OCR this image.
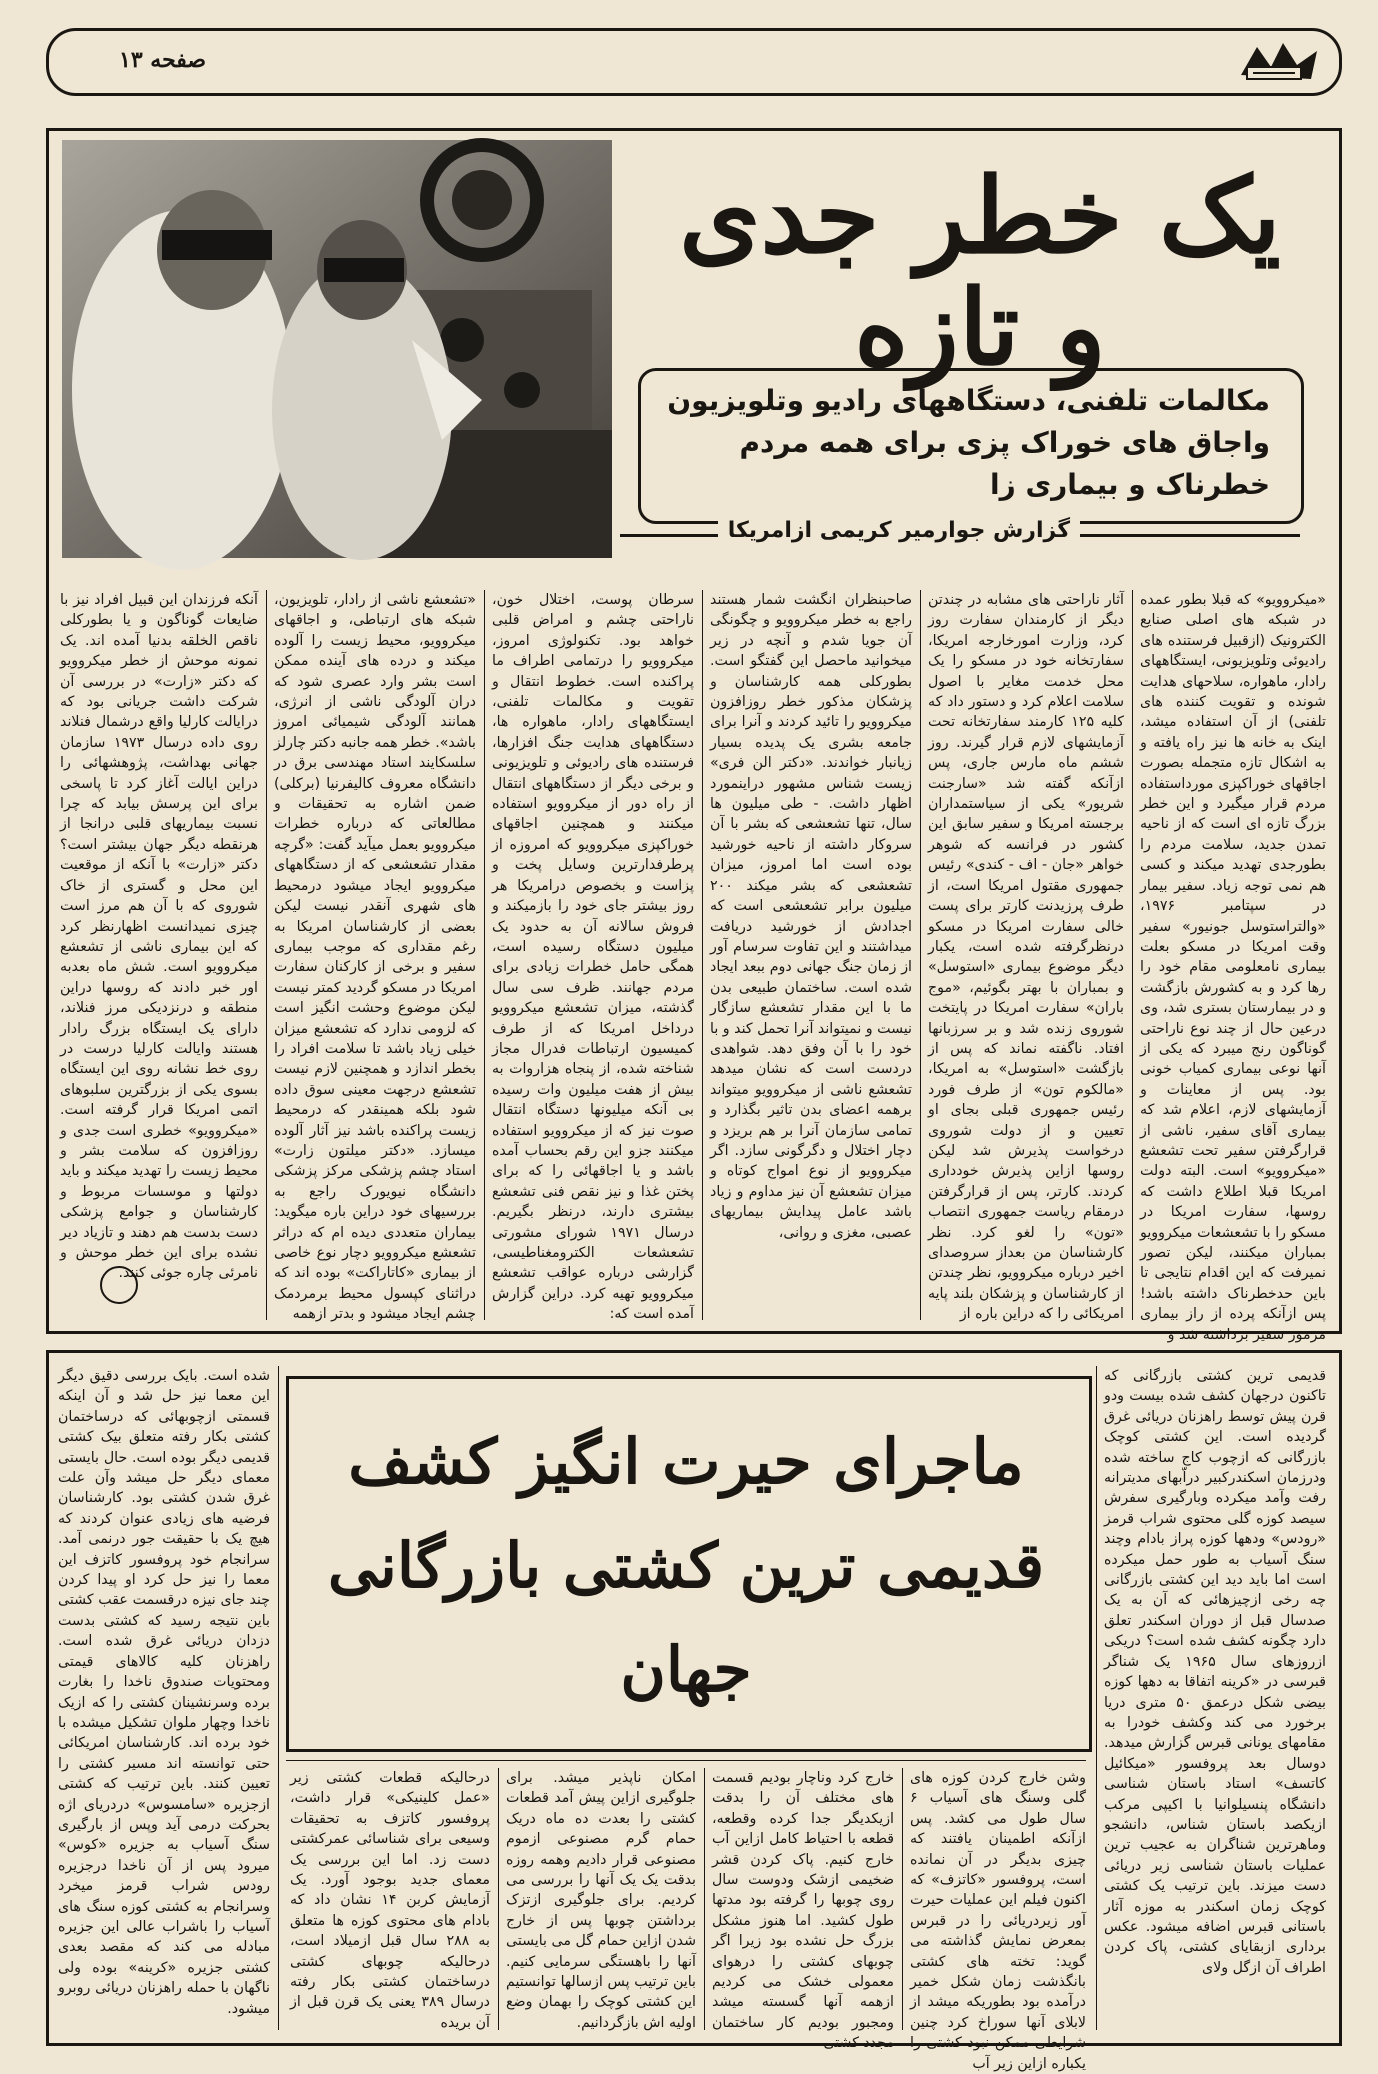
صفحه ۱۳
یک خطر جدی و تازه
مکالمات تلفنی، دستگاههای رادیو وتلویزیون واجاق های خوراک پزی برای همه مردم خطرناک و بیماری زا
گزارش جوارمیر کریمی ازامریکا
«میکروویو» که قبلا بطور عمده در شبکه های اصلی صنایع الکترونیک (ازقبیل فرستنده های رادیوئی وتلویزیونی، ایستگاههای رادار، ماهواره، سلاحهای هدایت شونده و تقویت کننده های تلفنی) از آن استفاده میشد، اینک به خانه ها نیز راه یافته و به اشکال تازه متجمله بصورت اجاقهای خوراکپزی مورداستفاده مردم قرار میگیرد و این خطر بزرگ تازه ای است که از ناحیه تمدن جدید، سلامت مردم را بطورجدی تهدید میکند و کسی هم نمی توجه زیاد. سفیر بیمار در سپتامبر ۱۹۷۶، «والتراستوسل جونیور» سفیر وقت امریکا در مسکو بعلت بیماری نامعلومی مقام خود را رها کرد و به کشورش بازگشت و در بیمارستان بستری شد، وی درعین حال از چند نوع ناراحتی گوناگون رنج میبرد که یکی از آنها نوعی بیماری کمیاب خونی بود. پس از معاینات و آزمایشهای لازم، اعلام شد که بیماری آقای سفیر، ناشی از قرارگرفتن سفیر تحت تشعشع «میکروویو» است. البته دولت امریکا قبلا اطلاع داشت که روسها، سفارت امریکا در مسکو را با تشعشعات میکروویو بمباران میکنند، لیکن تصور نمیرفت که این اقدام نتایجی تا باین حدخطرناک داشته باشد! پس ازآنکه پرده از راز بیماری مرموز سفیر برداشته شد و
آثار ناراحتی های مشابه در چندتن دیگر از کارمندان سفارت روز کرد، وزارت امورخارجه امریکا، سفارتخانه خود در مسکو را یک محل خدمت مغایر با اصول سلامت اعلام کرد و دستور داد که کلیه ۱۲۵ کارمند سفارتخانه تحت آزمایشهای لازم قرار گیرند. روز ششم ماه مارس جاری، پس ازآنکه گفته شد «سارجنت شریور» یکی از سیاستمداران برجسته امریکا و سفیر سابق این کشور در فرانسه که شوهر خواهر «جان - اف - کندی» رئیس جمهوری مقتول امریکا است، از طرف پرزیدنت کارتر برای پست خالی سفارت امریکا در مسکو درنظرگرفته شده است، یکبار دیگر موضوع بیماری «استوسل» و بمباران با بهتر بگوئیم، «موج باران» سفارت امریکا در پایتخت شوروی زنده شد و بر سرزبانها افتاد. ناگفته نماند که پس از بازگشت «استوسل» به امریکا، «مالکوم تون» از طرف فورد رئیس جمهوری قبلی بجای او تعیین و از دولت شوروی درخواست پذیرش شد لیکن روسها ازاین پذیرش خودداری کردند. کارتر، پس از قرارگرفتن درمقام ریاست جمهوری انتصاب «تون» را لغو کرد. نظر کارشناسان من بعداز سروصدای اخیر درباره میکروویو، نظر چندتن از کارشناسان و پزشکان بلند پایه امریکائی را که دراین باره از
صاحبنظران انگشت شمار هستند راجع به خطر میکروویو و چگونگی آن جویا شدم و آنچه در زیر میخوانید ماحصل این گفتگو است. بطورکلی همه کارشناسان و پزشکان مذکور خطر روزافزون میکروویو را تائید کردند و آنرا برای جامعه بشری یک پدیده بسیار زیانبار خواندند. «دکتر الن فری» زیست شناس مشهور دراینمورد اظهار داشت. - طی میلیون ها سال، تنها تشعشعی که بشر با آن سروکار داشته از ناحیه خورشید بوده است اما امروز، میزان تشعشعی که بشر میکند ۲۰۰ میلیون برابر تشعشعی است که اجدادش از خورشید دریافت میداشتند و این تفاوت سرسام آور از زمان جنگ جهانی دوم ببعد ایجاد شده است. ساختمان طبیعی بدن ما با این مقدار تشعشع سازگار نیست و نمیتواند آنرا تحمل کند و با خود را با آن وفق دهد. شواهدی دردست است که نشان میدهد تشعشع ناشی از میکروویو میتواند برهمه اعضای بدن تاثیر بگذارد و تمامی سازمان آنرا بر هم بریزد و دچار اختلال و دگرگونی سازد. اگر میکروویو از نوع امواج کوتاه و میزان تشعشع آن نیز مداوم و زیاد باشد عامل پیدایش بیماریهای عصبی، مغزی و روانی،
سرطان پوست، اختلال خون، ناراحتی چشم و امراض قلبی خواهد بود. تکنولوژی امروز، میکروویو را درتمامی اطراف ما پراکنده است. خطوط انتقال و تقویت و مکالمات تلفنی، ایستگاههای رادار، ماهواره ها، دستگاههای هدایت جنگ افزارها، فرستنده های رادیوئی و تلویزیونی و برخی دیگر از دستگاههای انتقال از راه دور از میکروویو استفاده میکنند و همچنین اجاقهای خوراکپزی میکروویو که امروزه از پرطرفدارترین وسایل پخت و پزاست و بخصوص درامریکا هر روز بیشتر جای خود را بازمیکند و فروش سالانه آن به حدود یک میلیون دستگاه رسیده است، همگی حامل خطرات زیادی برای مردم جهانند. ظرف سی سال گذشته، میزان تشعشع میکروویو درداخل امریکا که از طرف کمیسیون ارتباطات فدرال مجاز شناخته شده، از پنجاه هزاروات به بیش از هفت میلیون وات رسیده بی آنکه میلیونها دستگاه انتقال صوت نیز که از میکروویو استفاده میکنند جزو این رقم بحساب آمده باشد و یا اجاقهائی را که برای پختن غذا و نیز نقص فنی تشعشع بیشتری دارند، درنظر بگیریم. درسال ۱۹۷۱ شورای مشورتی تشعشعات الکترومغناطیسی، گزارشی درباره عواقب تشعشع میکروویو تهیه کرد. دراین گزارش آمده است که:
«تشعشع ناشی از رادار، تلویزیون، شبکه های ارتباطی، و اجاقهای میکروویو، محیط زیست را آلوده میکند و درده های آینده ممکن است بشر وارد عصری شود که دران آلودگی ناشی از انرژی، همانند آلودگی شیمیائی امروز باشد». خطر همه جانبه دکتر چارلز سلسکایند استاد مهندسی برق در دانشگاه معروف کالیفرنیا (برکلی) ضمن اشاره به تحقیقات و مطالعاتی که درباره خطرات میکروویو بعمل میآید گفت: «گرچه مقدار تشعشعی که از دستگاههای میکروویو ایجاد میشود درمحیط های شهری آنقدر نیست لیکن بعضی از کارشناسان امریکا به رغم مقداری که موجب بیماری سفیر و برخی از کارکنان سفارت امریکا در مسکو گردید کمتر نیست لیکن موضوع وحشت انگیز است که لزومی ندارد که تشعشع میزان خیلی زیاد باشد تا سلامت افراد را بخطر اندازد و همچنین لازم نیست تشعشع درجهت معینی سوق داده شود بلکه همینقدر که درمحیط زیست پراکنده باشد نیز آثار آلوده میسازد. «دکتر میلتون زارت» استاد چشم پزشکی مرکز پزشکی دانشگاه نیویورک راجع به بررسیهای خود دراین باره میگوید: بیماران متعددی دیده ام که دراثر تشعشع میکروویو دچار نوع خاصی از بیماری «کاتاراکت» بوده اند که دراثنای کپسول محیط برمردمک چشم ایجاد میشود و بدتر ازهمه
آنکه فرزندان این قبیل افراد نیز با ضایعات گوناگون و یا بطورکلی ناقص الخلقه بدنیا آمده اند. یک نمونه موحش از خطر میکروویو که دکتر «زارت» در بررسی آن شرکت داشت جریانی بود که درایالت کارلیا واقع درشمال فنلاند روی داده درسال ۱۹۷۳ سازمان جهانی بهداشت، پژوهشهائی را دراین ایالت آغاز کرد تا پاسخی برای این پرسش بیابد که چرا نسبت بیماریهای قلبی درانجا از هرنقطه دیگر جهان بیشتر است؟ دکتر «زارت» با آنکه از موقعیت این محل و گستری از خاک شوروی که با آن هم مرز است چیزی نمیدانست اظهارنظر کرد که این بیماری ناشی از تشعشع میکروویو است. شش ماه بعدبه اور خبر دادند که روسها دراین منطقه و درنزدیکی مرز فنلاند، دارای یک ایستگاه بزرگ رادار هستند وایالت کارلیا درست در روی خط نشانه روی این ایستگاه بسوی یکی از بزرگترین سلبوهای اتمی امریکا قرار گرفته است. «میکروویو» خطری است جدی و روزافزون که سلامت بشر و محیط زیست را تهدید میکند و باید دولتها و موسسات مربوط و کارشناسان و جوامع پزشکی دست بدست هم دهند و تازیاد دیر نشده برای این خطر موحش و نامرئی چاره جوئی کنند.
ماجرای حیرت انگیز کشف قدیمی ترین کشتی بازرگانی جهان
قدیمی ترین کشتی بازرگانی که تاکنون درجهان کشف شده بیست ودو قرن پیش توسط راهزنان دریائی غرق گردیده است. این کشتی کوچک بازرگانی که ازچوب کاج ساخته شده ودرزمان اسکندرکبیر دراّبهای مدیترانه رفت وآمد میکرده وبارگیری سفرش سیصد کوزه گلی محتوی شراب قرمز «رودس» ودهها کوزه پراز بادام وچند سنگ آسیاب به طور حمل میکرده است اما باید دید این کشتی بازرگانی چه رخی ازچیزهائی که آن به یک صدسال قبل از دوران اسکندر تعلق دارد چگونه کشف شده است؟ دریکی ازروزهای سال ۱۹۶۵ یک شناگر قبرسی در «کرینه اتفاقا به دهها کوزه بیضی شکل درعمق ۵۰ متری دریا برخورد می کند وکشف خودرا به مقامهای یونانی قبرس گزارش میدهد. دوسال بعد پروفسور «میکائیل کاتسف» استاد باستان شناسی دانشگاه پنسیلوانیا با اکیپی مرکب ازیکصد باستان شناس، دانشجو وماهرترین شناگران به عجیب ترین عملیات باستان شناسی زیر دریائی دست میزند. باین ترتیب یک کشتی کوچک زمان اسکندر به موزه آثار باستانی قبرس اضافه میشود. عکس برداری ازبقایای کشتی، پاک کردن اطراف آن ازگل ولای
وشن خارج کردن کوزه های گلی وسنگ های آسیاب ۶ سال طول می کشد. پس ازآنکه اطمینان یافتند که چیزی بدیگر در آن نمانده است، پروفسور «کاتزف» که اکنون فیلم این عملیات حیرت آور زیردریائی را در قبرس بمعرض نمایش گذاشته می گوید: تخته های کشتی بانگذشت زمان شکل خمیر درآمده بود بطوریکه میشد از لابلای آنها سوراخ کرد چنین شرایطی ممکن نبود کشتی را یکباره ازاین زیر آب
خارج کرد وناچار بودیم قسمت های مختلف آن را بدقت ازیکدیگر جدا کرده وقطعه، قطعه با احتیاط کامل ازاین آب خارج کنیم. پاک کردن قشر ضخیمی ازشک ودوست سال روی چوبها را گرفته بود مدتها طول کشید. اما هنوز مشکل بزرگ حل نشده بود زیرا اگر چوبهای کشتی را درهوای معمولی خشک می کردیم ازهمه آنها گسسته میشد ومجبور بودیم کار ساختمان مجدد کشتی
امکان ناپذیر میشد. برای جلوگیری ازاین پیش آمد قطعات کشتی را بعدت ده ماه دریک حمام گرم مصنوعی ازموم مصنوعی قرار دادیم وهمه روزه بدقت یک یک آنها را بررسی می کردیم. برای جلوگیری ازتزک برداشتن چوبها پس از خارج شدن ازاین حمام گل می بایستی آنها را باهستگی سرمایی کنیم. باین ترتیب پس ازسالها توانستیم این کشتی کوچک را بهمان وضع اولیه اش بازگردانیم.
درحالیکه قطعات کشتی زیر «عمل کلینیکی» قرار داشت، پروفسور کاتزف به تحقیقات وسیعی برای شناسائی عمرکشتی دست زد. اما این بررسی یک معمای جدید بوجود آورد. یک آزمایش کربن ۱۴ نشان داد که بادام های محتوی کوزه ها متعلق به ۲۸۸ سال قبل ازمیلاد است، درحالیکه چوبهای کشتی درساختمان کشتی بکار رفته درسال ۳۸۹ یعنی یک قرن قبل از آن بریده
شده است. بایک بررسی دقیق دیگر این معما نیز حل شد و آن اینکه قسمتی ازچوبهائی که درساختمان کشتی بکار رفته متعلق بیک کشتی قدیمی دیگر بوده است. حال بایستی معمای دیگر حل میشد وآن علت غرق شدن کشتی بود. کارشناسان فرضیه های زیادی عنوان کردند که هیچ یک با حقیقت جور درنمی آمد. سرانجام خود پروفسور کاتزف این معما را نیز حل کرد او پیدا کردن چند جای نیزه درقسمت عقب کشتی باین نتیجه رسید که کشتی بدست دزدان دریائی غرق شده است. راهزنان کلیه کالاهای قیمتی ومحتویات صندوق ناخدا را بغارت برده وسرنشینان کشتی را که ازیک ناخدا وچهار ملوان تشکیل میشده با خود برده اند. کارشناسان امریکائی حتی توانسته اند مسیر کشتی را تعیین کنند. باین ترتیب که کشتی ازجزیره «سامسوس» دردریای اژه بحرکت درمی آید وپس از بارگیری سنگ آسیاب به جزیره «کوس» میرود پس از آن ناخدا درجزیره رودس شراب قرمز میخرد وسرانجام به کشتی کوزه سنگ های آسیاب را باشراب عالی این جزیره مبادله می کند که مقصد بعدی کشتی جزیره «کرینه» بوده ولی ناگهان با حمله راهزنان دریائی روبرو میشود.
